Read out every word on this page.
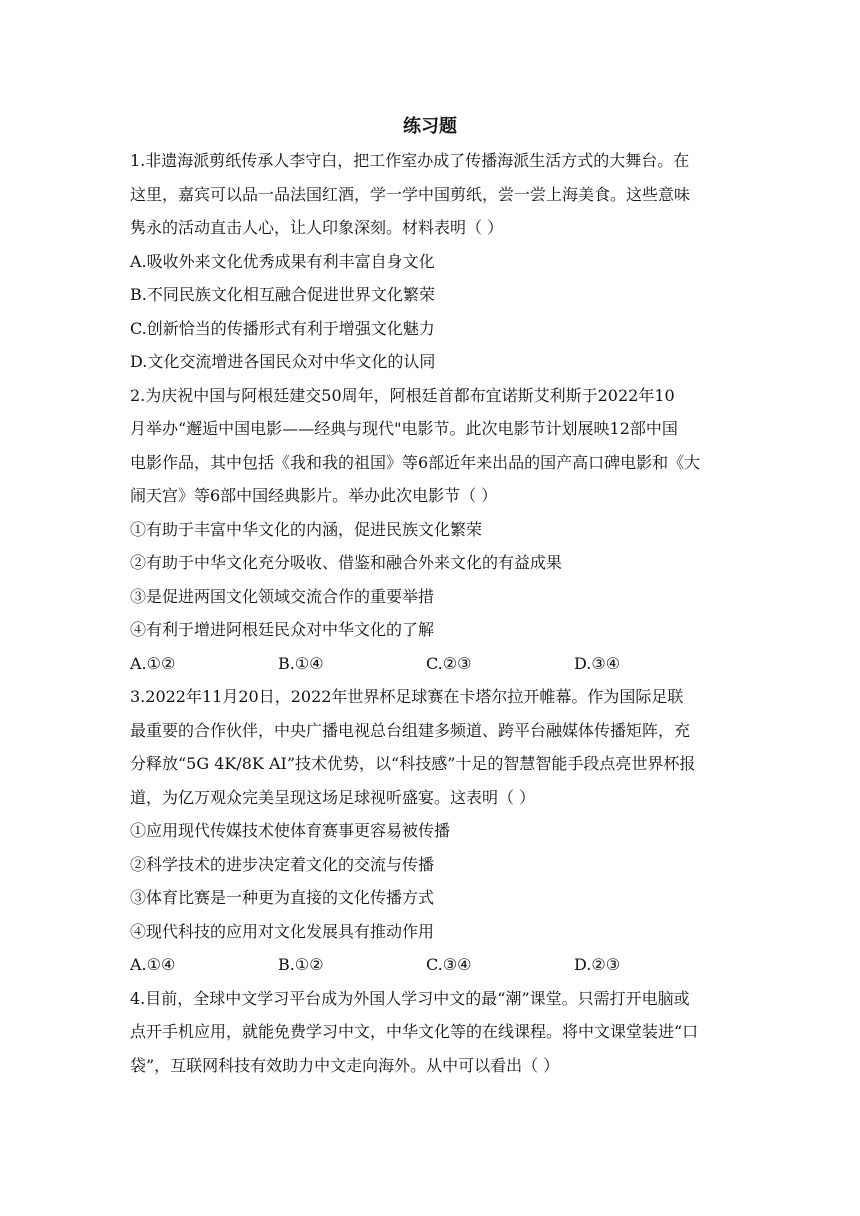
练习题
1.非遗海派剪纸传承人李守白，把工作室办成了传播海派生活方式的大舞台。在
这里，嘉宾可以品一品法国红酒，学一学中国剪纸，尝一尝上海美食。这些意味
隽永的活动直击人心，让人印象深刻。材料表明（ ）
A.吸收外来文化优秀成果有利丰富自身文化
B.不同民族文化相互融合促进世界文化繁荣
C.创新恰当的传播形式有利于增强文化魅力
D.文化交流增进各国民众对中华文化的认同
2.为庆祝中国与阿根廷建交50周年，阿根廷首都布宜诺斯艾利斯于2022年10
月举办“邂逅中国电影——经典与现代"电影节。此次电影节计划展映12部中国
电影作品，其中包括《我和我的祖国》等6部近年来出品的国产高口碑电影和《大
闹天宫》等6部中国经典影片。举办此次电影节（ ）
①有助于丰富中华文化的内涵，促进民族文化繁荣
②有助于中华文化充分吸收、借鉴和融合外来文化的有益成果
③是促进两国文化领域交流合作的重要举措
④有利于增进阿根廷民众对中华文化的了解
A.①②	B.①④	C.②③	D.③④
3.2022年11月20日，2022年世界杯足球赛在卡塔尔拉开帷幕。作为国际足联
最重要的合作伙伴，中央广播电视总台组建多频道、跨平台融媒体传播矩阵，充
分释放“5G 4K/8K AI”技术优势，以“科技感”十足的智慧智能手段点亮世界杯报
道，为亿万观众完美呈现这场足球视听盛宴。这表明（ ）
①应用现代传媒技术使体育赛事更容易被传播
②科学技术的进步决定着文化的交流与传播
③体育比赛是一种更为直接的文化传播方式
④现代科技的应用对文化发展具有推动作用
A.①④	B.①②	C.③④	D.②③
4.目前，全球中文学习平台成为外国人学习中文的最“潮”课堂。只需打开电脑或
点开手机应用，就能免费学习中文，中华文化等的在线课程。将中文课堂装进“口
袋”，互联网科技有效助力中文走向海外。从中可以看出（ ）
